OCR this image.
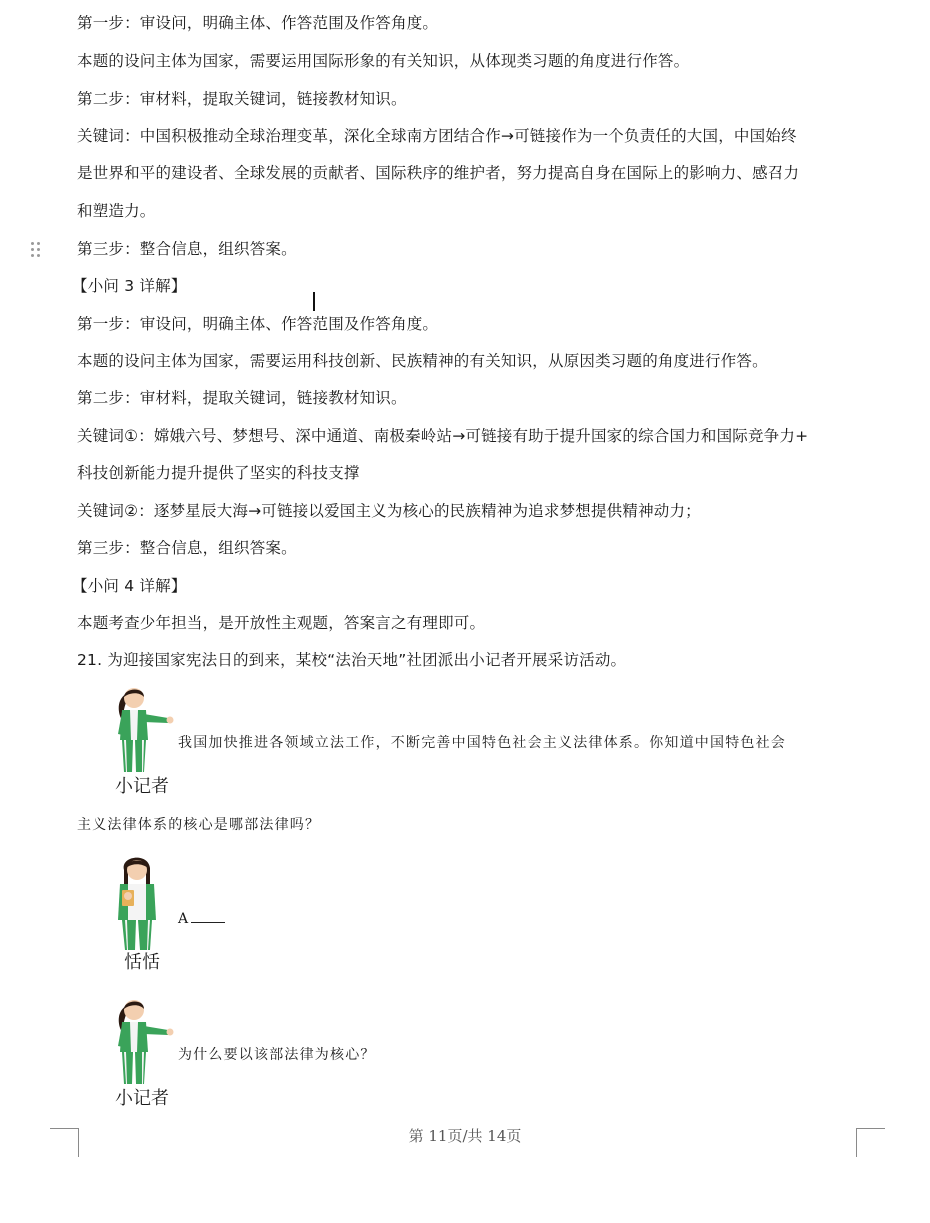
第一步：审设问，明确主体、作答范围及作答角度。
本题的设问主体为国家，需要运用国际形象的有关知识，从体现类习题的角度进行作答。
第二步：审材料，提取关键词，链接教材知识。
关键词：中国积极推动全球治理变革，深化全球南方团结合作→可链接作为一个负责任的大国，中国始终
是世界和平的建设者、全球发展的贡献者、国际秩序的维护者，努力提高自身在国际上的影响力、感召力
和塑造力。
第三步：整合信息，组织答案。
【小问 3 详解】
第一步：审设问，明确主体、作答范围及作答角度。
本题的设问主体为国家，需要运用科技创新、民族精神的有关知识，从原因类习题的角度进行作答。
第二步：审材料，提取关键词，链接教材知识。
关键词①：嫦娥六号、梦想号、深中通道、南极秦岭站→可链接有助于提升国家的综合国力和国际竞争力+
科技创新能力提升提供了坚实的科技支撑
关键词②：逐梦星辰大海→可链接以爱国主义为核心的民族精神为追求梦想提供精神动力；
第三步：整合信息，组织答案。
【小问 4 详解】
本题考查少年担当，是开放性主观题，答案言之有理即可。
21. 为迎接国家宪法日的到来，某校“法治天地”社团派出小记者开展采访活动。
小记者
我国加快推进各领域立法工作，不断完善中国特色社会主义法律体系。你知道中国特色社会
主义法律体系的核心是哪部法律吗？
恬恬
A
小记者
为什么要以该部法律为核心？
第 11页/共 14页
